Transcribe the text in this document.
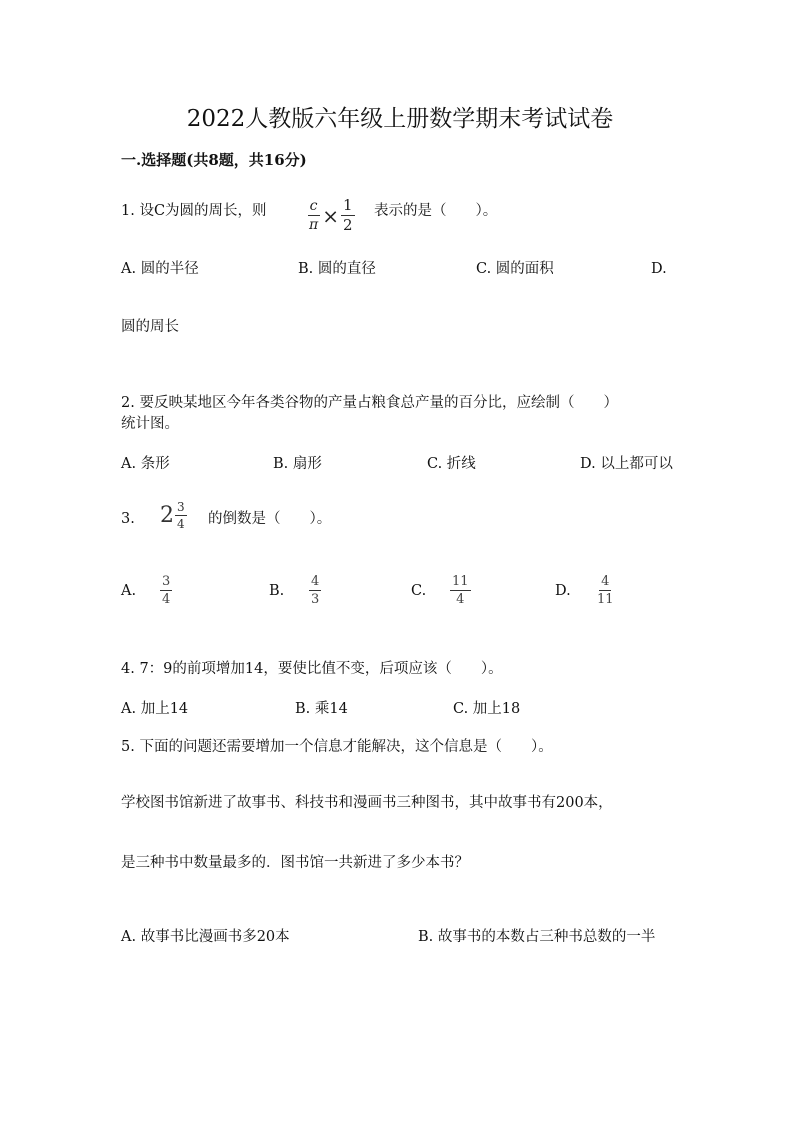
2022人教版六年级上册数学期末考试试卷
一.选择题(共8题，共16分)
1. 设C为圆的周长，则	$\frac{c}{\pi} \times \frac{1}{2}$ 表示的是（　　）。
A. 圆的半径	B. 圆的直径	C. 圆的面积	D.
圆的周长
2. 要反映某地区今年各类谷物的产量占粮食总产量的百分比，应绘制（　　）
统计图。
A. 条形	B. 扇形	C. 折线	D. 以上都可以
3. $2 \frac{3}{4}$ 的倒数是（　　）。
A. $\frac{3}{4}$	B. $\frac{4}{3}$	C. $\frac{11}{4}$	D. $\frac{4}{11}$
4. 7：9的前项增加14，要使比值不变，后项应该（　　）。
A. 加上14	B. 乘14	C. 加上18
5. 下面的问题还需要增加一个信息才能解决，这个信息是（　　）。
学校图书馆新进了故事书、科技书和漫画书三种图书，其中故事书有200本，
是三种书中数量最多的．图书馆一共新进了多少本书？
A. 故事书比漫画书多20本	B. 故事书的本数占三种书总数的一半
